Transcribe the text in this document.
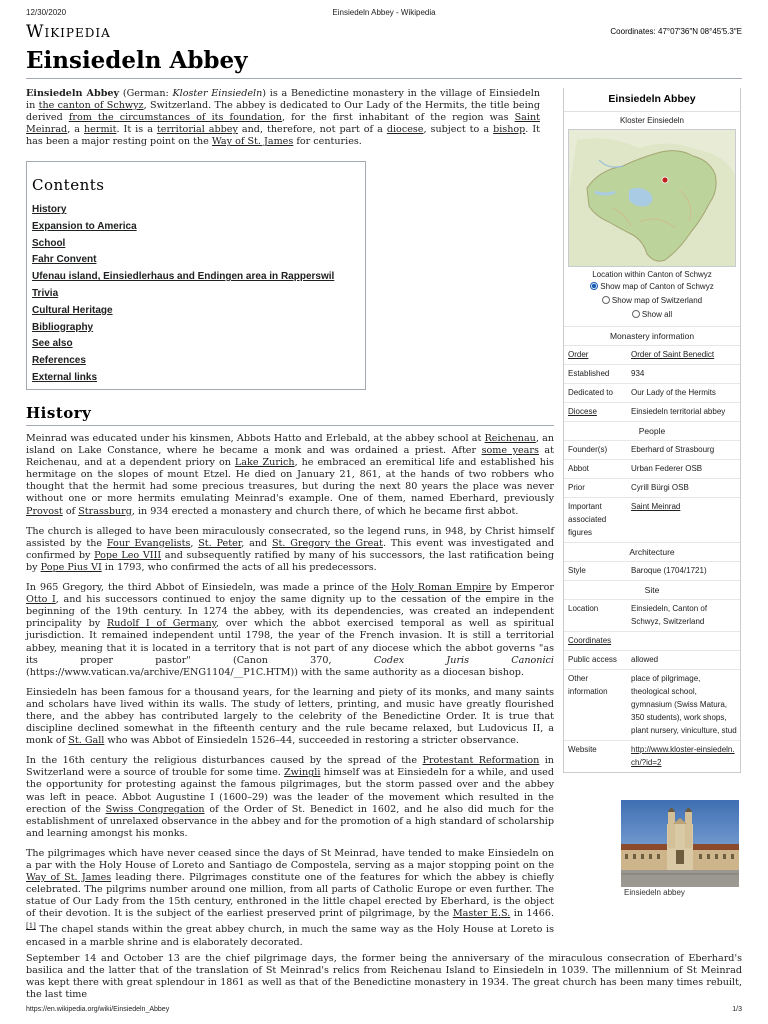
12/30/2020	Einsiedeln Abbey - Wikipedia
Wikipedia	Coordinates: 47°07′36″N 08°45′5.3″E
Einsiedeln Abbey

Einsiedeln Abbey (German: Kloster Einsiedeln) is a Benedictine monastery in the village of Einsiedeln in the canton of Schwyz, Switzerland. The abbey is dedicated to Our Lady of the Hermits, the title being derived from the circumstances of its foundation, for the first inhabitant of the region was Saint Meinrad, a hermit. It is a territorial abbey and, therefore, not part of a diocese, subject to a bishop. It has been a major resting point on the Way of St. James for centuries.

Contents
History
Expansion to America
School
Fahr Convent
Ufenau island, Einsiedlerhaus and Endingen area in Rapperswil
Trivia
Cultural Heritage
Bibliography
See also
References
External links
History

Meinrad was educated under his kinsmen, Abbots Hatto and Erlebald, at the abbey school at Reichenau, an island on Lake Constance, where he became a monk and was ordained a priest. After some years at Reichenau, and at a dependent priory on Lake Zurich, he embraced an eremitical life and established his hermitage on the slopes of mount Etzel. He died on January 21, 861, at the hands of two robbers who thought that the hermit had some precious treasures, but during the next 80 years the place was never without one or more hermits emulating Meinrad's example. One of them, named Eberhard, previously Provost of Strassburg, in 934 erected a monastery and church there, of which he became first abbot.

The church is alleged to have been miraculously consecrated, so the legend runs, in 948, by Christ himself assisted by the Four Evangelists, St. Peter, and St. Gregory the Great. This event was investigated and confirmed by Pope Leo VIII and subsequently ratified by many of his successors, the last ratification being by Pope Pius VI in 1793, who confirmed the acts of all his predecessors.

In 965 Gregory, the third Abbot of Einsiedeln, was made a prince of the Holy Roman Empire by Emperor Otto I, and his successors continued to enjoy the same dignity up to the cessation of the empire in the beginning of the 19th century. In 1274 the abbey, with its dependencies, was created an independent principality by Rudolf I of Germany, over which the abbot exercised temporal as well as spiritual jurisdiction. It remained independent until 1798, the year of the French invasion. It is still a territorial abbey, meaning that it is located in a territory that is not part of any diocese which the abbot governs "as its proper pastor" (Canon 370, Codex Juris Canonici (https://www.vatican.va/archive/ENG1104/__P1C.HTM)) with the same authority as a diocesan bishop.

Einsiedeln has been famous for a thousand years, for the learning and piety of its monks, and many saints and scholars have lived within its walls. The study of letters, printing, and music have greatly flourished there, and the abbey has contributed largely to the celebrity of the Benedictine Order. It is true that discipline declined somewhat in the fifteenth century and the rule became relaxed, but Ludovicus II, a monk of St. Gall who was Abbot of Einsiedeln 1526–44, succeeded in restoring a stricter observance.

In the 16th century the religious disturbances caused by the spread of the Protestant Reformation in Switzerland were a source of trouble for some time. Zwingli himself was at Einsiedeln for a while, and used the opportunity for protesting against the famous pilgrimages, but the storm passed over and the abbey was left in peace. Abbot Augustine I (1600–29) was the leader of the movement which resulted in the erection of the Swiss Congregation of the Order of St. Benedict in 1602, and he also did much for the establishment of unrelaxed observance in the abbey and for the promotion of a high standard of scholarship and learning amongst his monks.

The pilgrimages which have never ceased since the days of St Meinrad, have tended to make Einsiedeln on a par with the Holy House of Loreto and Santiago de Compostela, serving as a major stopping point on the Way of St. James leading there. Pilgrimages constitute one of the features for which the abbey is chiefly celebrated. The pilgrims number around one million, from all parts of Catholic Europe or even further. The statue of Our Lady from the 15th century, enthroned in the little chapel erected by Eberhard, is the object of their devotion. It is the subject of the earliest preserved print of pilgrimage, by the Master E.S. in 1466.[1] The chapel stands within the great abbey church, in much the same way as the Holy House at Loreto is encased in a marble shrine and is elaborately decorated.

September 14 and October 13 are the chief pilgrimage days, the former being the anniversary of the miraculous consecration of Eberhard's basilica and the latter that of the translation of St Meinrad's relics from Reichenau Island to Einsiedeln in 1039. The millennium of St Meinrad was kept there with great splendour in 1861 as well as that of the Benedictine monastery in 1934. The great church has been many times rebuilt, the last time
Einsiedeln Abbey
Kloster Einsiedeln
Location within Canton of Schwyz
Show map of Canton of Schwyz
Show map of Switzerland
Show all
Monastery information
Order	Order of Saint Benedict
Established	934
Dedicated to	Our Lady of the Hermits
Diocese	Einsiedeln territorial abbey
People
Founder(s)	Eberhard of Strasbourg
Abbot	Urban Federer OSB
Prior	Cyrill Bürgi OSB
Important associated figures	Saint Meinrad
Architecture
Style	Baroque (1704/1721)
Site
Location	Einsiedeln, Canton of Schwyz, Switzerland
Coordinates	
Public access	allowed
Other information	place of pilgrimage, theological school, gymnasium (Swiss Matura, 350 students), work shops, plant nursery, viniculture, stud
Website	http://www.kloster-einsiedeln.ch/?id=2
Einsiedeln abbey
https://en.wikipedia.org/wiki/Einsiedeln_Abbey	1/3
